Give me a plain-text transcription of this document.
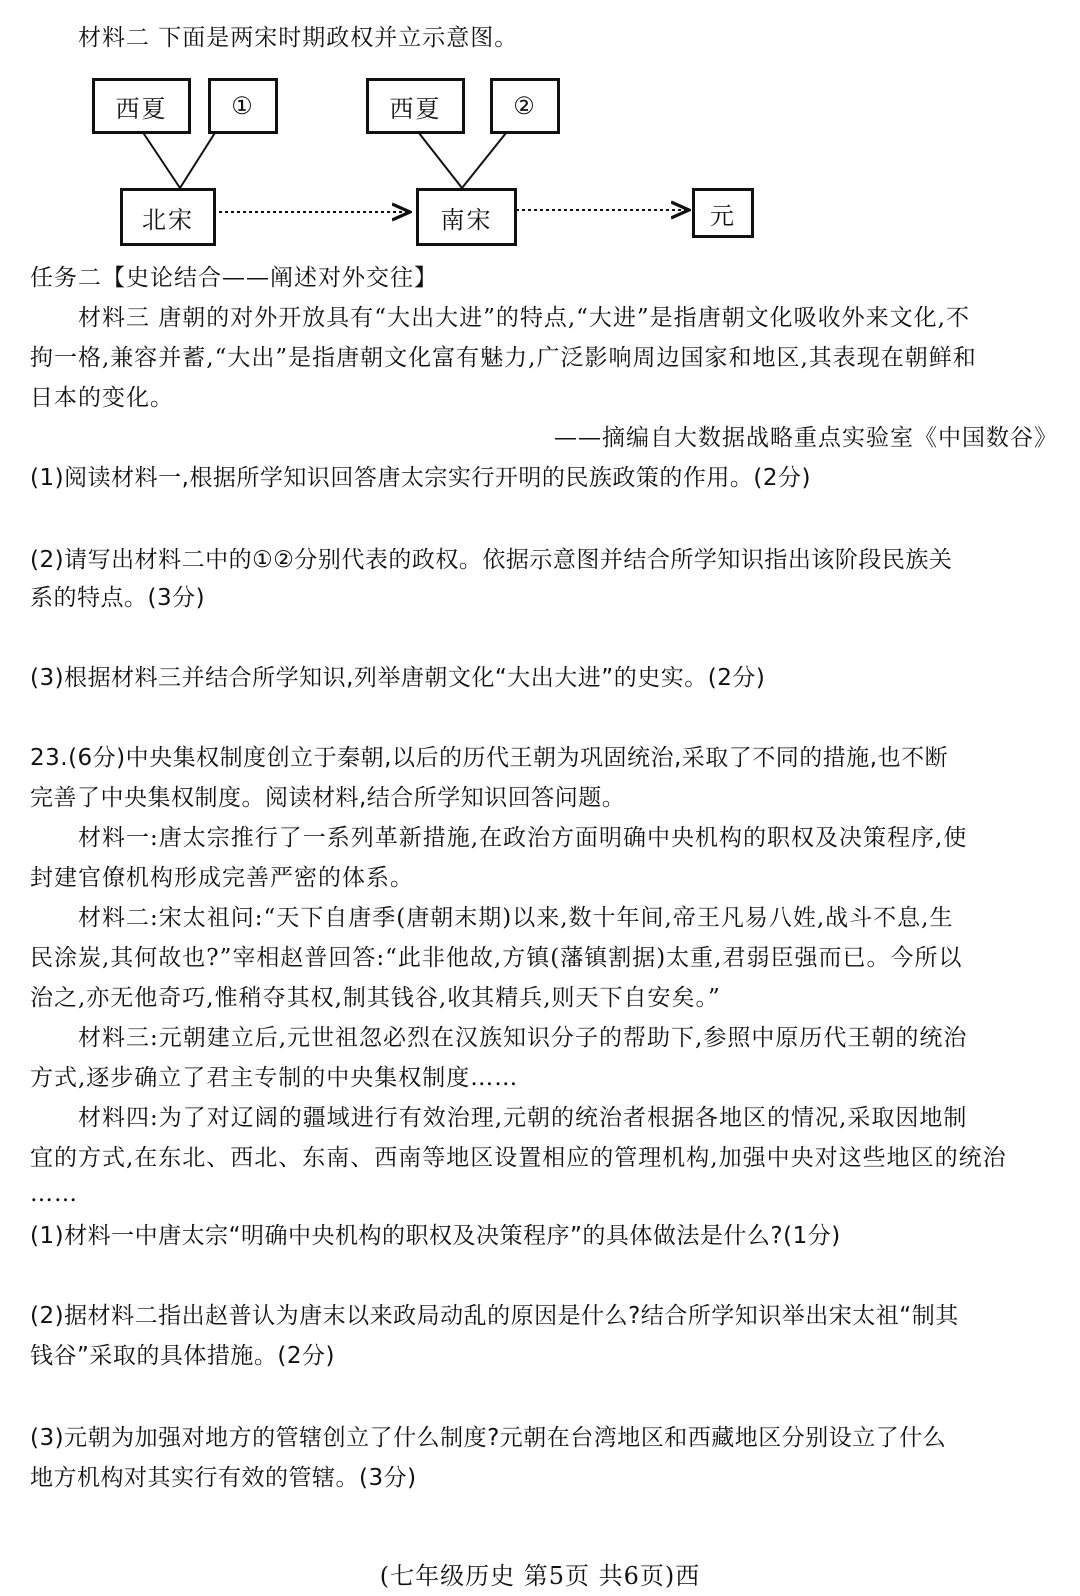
材料二 下面是两宋时期政权并立示意图。
西夏	①
北宋
西夏	②
南宋	元
任务二【史论结合——阐述对外交往】
材料三 唐朝的对外开放具有“大出大进”的特点,“大进”是指唐朝文化吸收外来文化,不
拘一格,兼容并蓄,“大出”是指唐朝文化富有魅力,广泛影响周边国家和地区,其表现在朝鲜和
日本的变化。
——摘编自大数据战略重点实验室《中国数谷》
(1)阅读材料一,根据所学知识回答唐太宗实行开明的民族政策的作用。(2分)
(2)请写出材料二中的①②分别代表的政权。依据示意图并结合所学知识指出该阶段民族关
系的特点。(3分)
(3)根据材料三并结合所学知识,列举唐朝文化“大出大进”的史实。(2分)
23.(6分)中央集权制度创立于秦朝,以后的历代王朝为巩固统治,采取了不同的措施,也不断
完善了中央集权制度。阅读材料,结合所学知识回答问题。
材料一:唐太宗推行了一系列革新措施,在政治方面明确中央机构的职权及决策程序,使
封建官僚机构形成完善严密的体系。
材料二:宋太祖问:“天下自唐季(唐朝末期)以来,数十年间,帝王凡易八姓,战斗不息,生
民涂炭,其何故也?”宰相赵普回答:“此非他故,方镇(藩镇割据)太重,君弱臣强而已。今所以
治之,亦无他奇巧,惟稍夺其权,制其钱谷,收其精兵,则天下自安矣。”
材料三:元朝建立后,元世祖忽必烈在汉族知识分子的帮助下,参照中原历代王朝的统治
方式,逐步确立了君主专制的中央集权制度……
材料四:为了对辽阔的疆域进行有效治理,元朝的统治者根据各地区的情况,采取因地制
宜的方式,在东北、西北、东南、西南等地区设置相应的管理机构,加强中央对这些地区的统治
……
(1)材料一中唐太宗“明确中央机构的职权及决策程序”的具体做法是什么?(1分)
(2)据材料二指出赵普认为唐末以来政局动乱的原因是什么?结合所学知识举出宋太祖“制其
钱谷”采取的具体措施。(2分)
(3)元朝为加强对地方的管辖创立了什么制度?元朝在台湾地区和西藏地区分别设立了什么
地方机构对其实行有效的管辖。(3分)
(七年级历史 第5页 共6页)西
